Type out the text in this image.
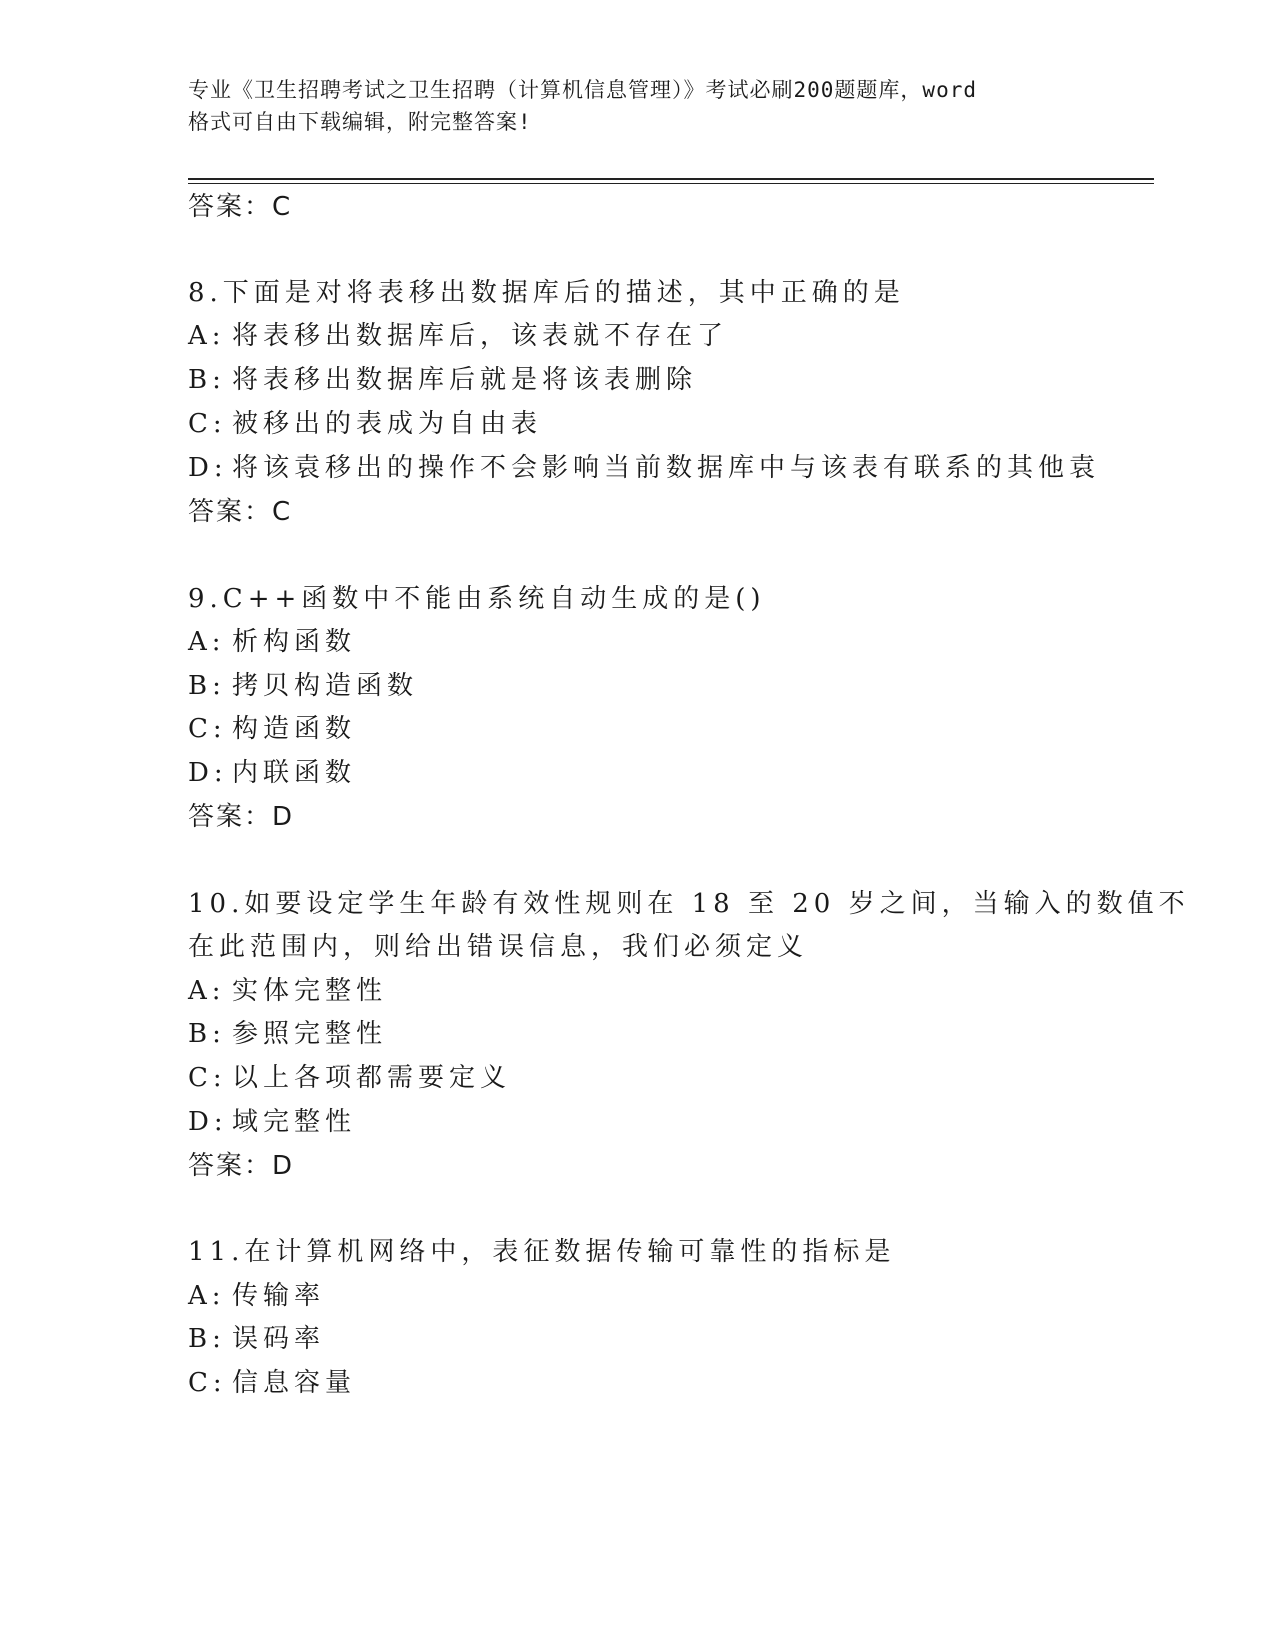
专业《卫生招聘考试之卫生招聘（计算机信息管理）》考试必刷200题题库，word
格式可自由下载编辑，附完整答案!
答案：C
8.下面是对将表移出数据库后的描述，其中正确的是
A: 将表移出数据库后，该表就不存在了
B: 将表移出数据库后就是将该表删除
C: 被移出的表成为自由表
D: 将该袁移出的操作不会影响当前数据库中与该表有联系的其他袁
答案：C
9.C++函数中不能由系统自动生成的是()
A: 析构函数
B: 拷贝构造函数
C: 构造函数
D: 内联函数
答案：D
10.如要设定学生年龄有效性规则在 18 至 20 岁之间，当输入的数值不
在此范围内，则给出错误信息，我们必须定义
A: 实体完整性
B: 参照完整性
C: 以上各项都需要定义
D: 域完整性
答案：D
11.在计算机网络中，表征数据传输可靠性的指标是
A: 传输率
B: 误码率
C: 信息容量
